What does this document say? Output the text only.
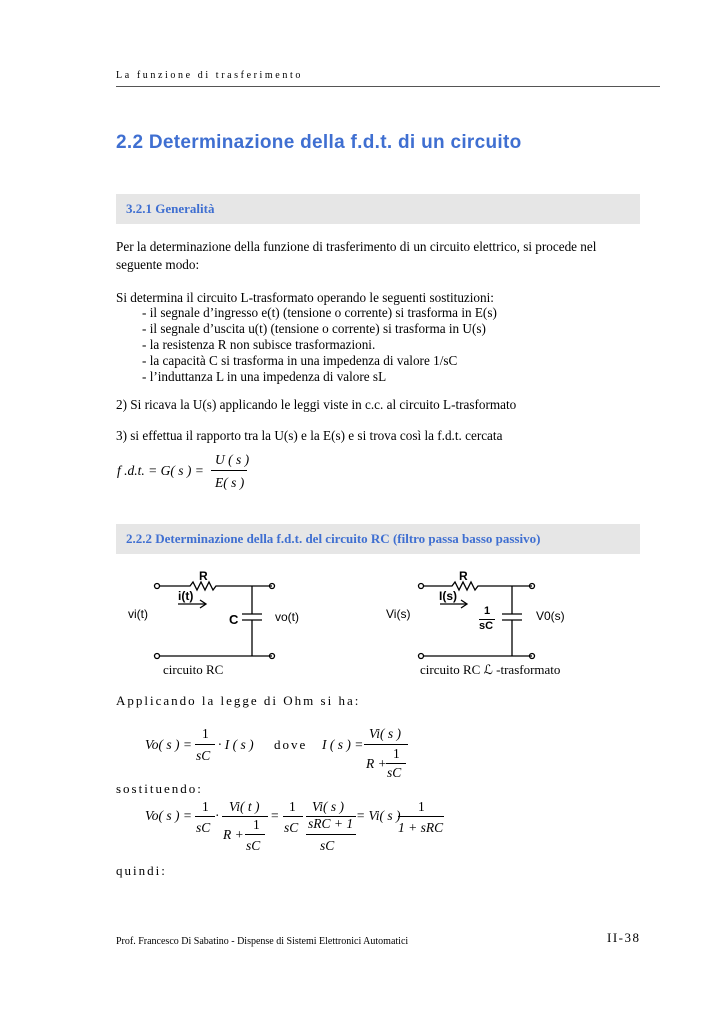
La funzione di trasferimento
2.2 Determinazione della f.d.t. di un circuito
3.2.1 Generalità
Per la determinazione della funzione di trasferimento di un circuito elettrico, si procede nel
seguente modo:
Si determina il circuito L-trasformato operando le seguenti sostituzioni:
- il segnale d’ingresso e(t) (tensione o corrente) si trasforma in E(s)
- il segnale d’uscita u(t) (tensione o corrente) si trasforma in U(s)
- la resistenza R non subisce trasformazioni.
- la capacità C si trasforma in una impedenza di valore 1/sC
- l’induttanza L in una impedenza di valore sL
2) Si ricava la U(s) applicando le leggi viste in c.c. al circuito L-trasformato
3) si effettua il rapporto tra la U(s) e la E(s) e si trova così la f.d.t. cercata
f .d.t. = G( s ) =
U ( s )
E( s )
2.2.2 Determinazione della f.d.t. del circuito RC (filtro passa basso passivo)
R
i(t)
C
vi(t)	vo(t)
circuito RC
R
I(s)
1
sC
Vi(s)	V0(s)
circuito RC ℒ -trasformato
Applicando la legge di Ohm si ha:
Vo( s ) =
1
sC
· I ( s ) dove I ( s ) =
Vi( s )
R +
1
sC
sostituendo:
Vo( s ) =
1
sC
·
Vi( t )
R +
1
sC
=
1
sC
Vi( s )
sRC + 1
sC
= Vi( s )
1
1 + sRC
quindi:
Prof. Francesco Di Sabatino - Dispense di Sistemi Elettronici Automatici	II-38
